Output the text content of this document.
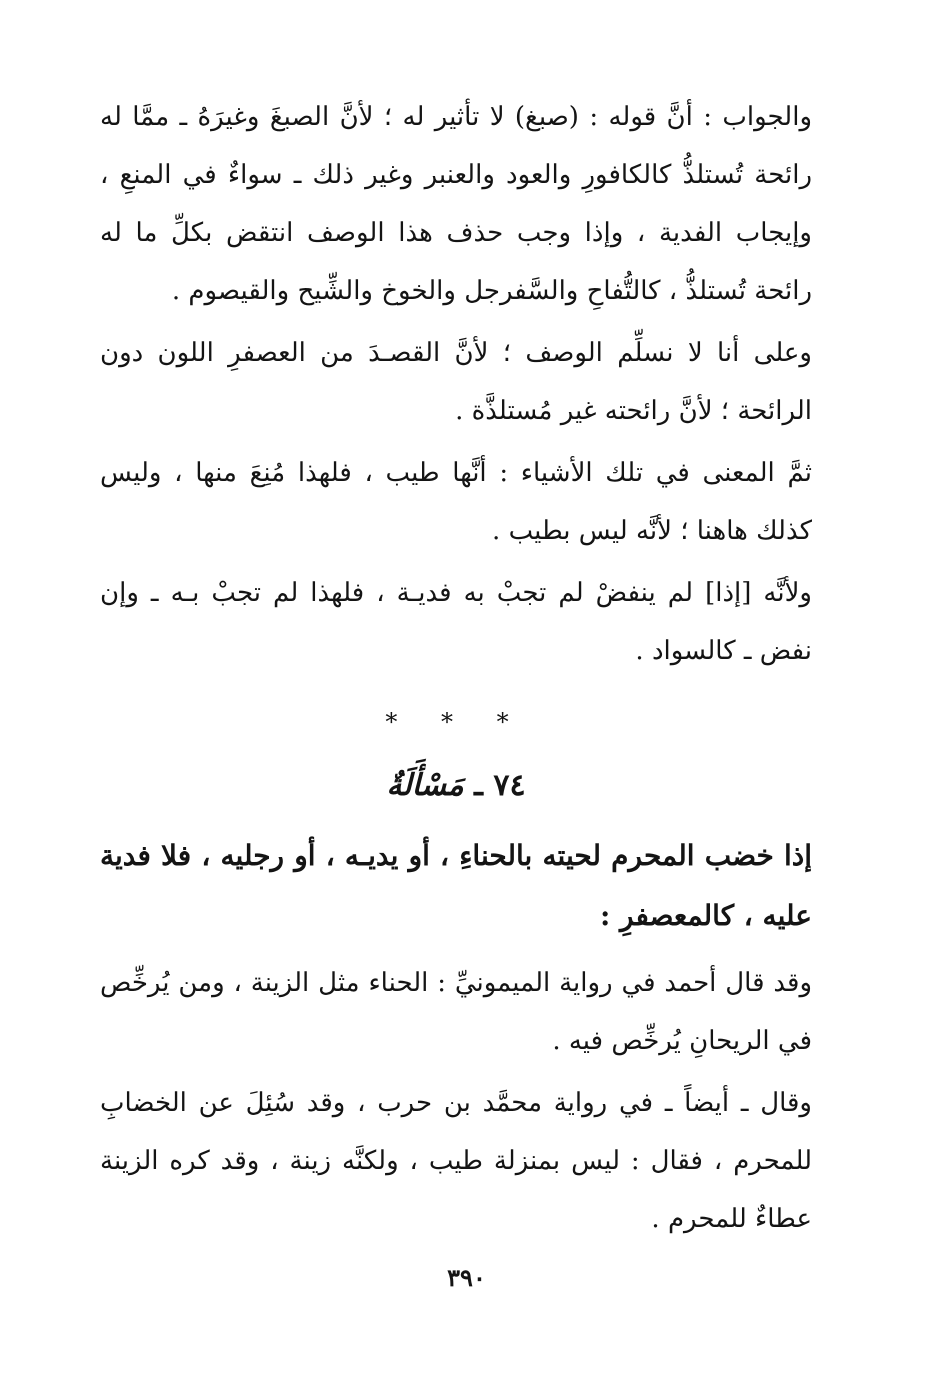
والجواب : أنَّ قوله : (صبغ) لا تأثير له ؛ لأنَّ الصبغَ وغيرَهُ ـ ممَّا له رائحة تُستلذُّ كالكافورِ والعود والعنبر وغير ذلك ـ سواءٌ في المنعِ ، وإيجاب الفدية ، وإذا وجب حذف هذا الوصف انتقض بكلِّ ما له رائحة تُستلذُّ ، كالتُّفاحِ والسَّفرجل والخوخ والشِّيح والقيصوم .

وعلى أنا لا نسلِّم الوصف ؛ لأنَّ القصـدَ من العصفرِ اللون دون الرائحة ؛ لأنَّ رائحته غير مُستلذَّة .

ثمَّ المعنى في تلك الأشياء : أنَّها طيب ، فلهذا مُنِعَ منها ، وليس كذلك هاهنا ؛ لأنَّه ليس بطيب .

ولأنَّه [إذا] لم ينفضْ لم تجبْ به فديـة ، فلهذا لم تجبْ بـه ـ وإن نفض ـ كالسواد .

* * *
٧٤ ـ مَسْأَلَةٌ

إذا خضب المحرم لحيته بالحناءِ ، أو يديـه ، أو رجليه ، فلا فدية عليه ، كالمعصفرِ :

وقد قال أحمد في رواية الميمونيِّ : الحناء مثل الزينة ، ومن يُرخِّص في الريحانِ يُرخِّص فيه .

وقال ـ أيضاً ـ في رواية محمَّد بن حرب ، وقد سُئِلَ عن الخضابِ للمحرم ، فقال : ليس بمنزلة طيب ، ولكنَّه زينة ، وقد كره الزينة عطاءٌ للمحرم .

٣٩٠
